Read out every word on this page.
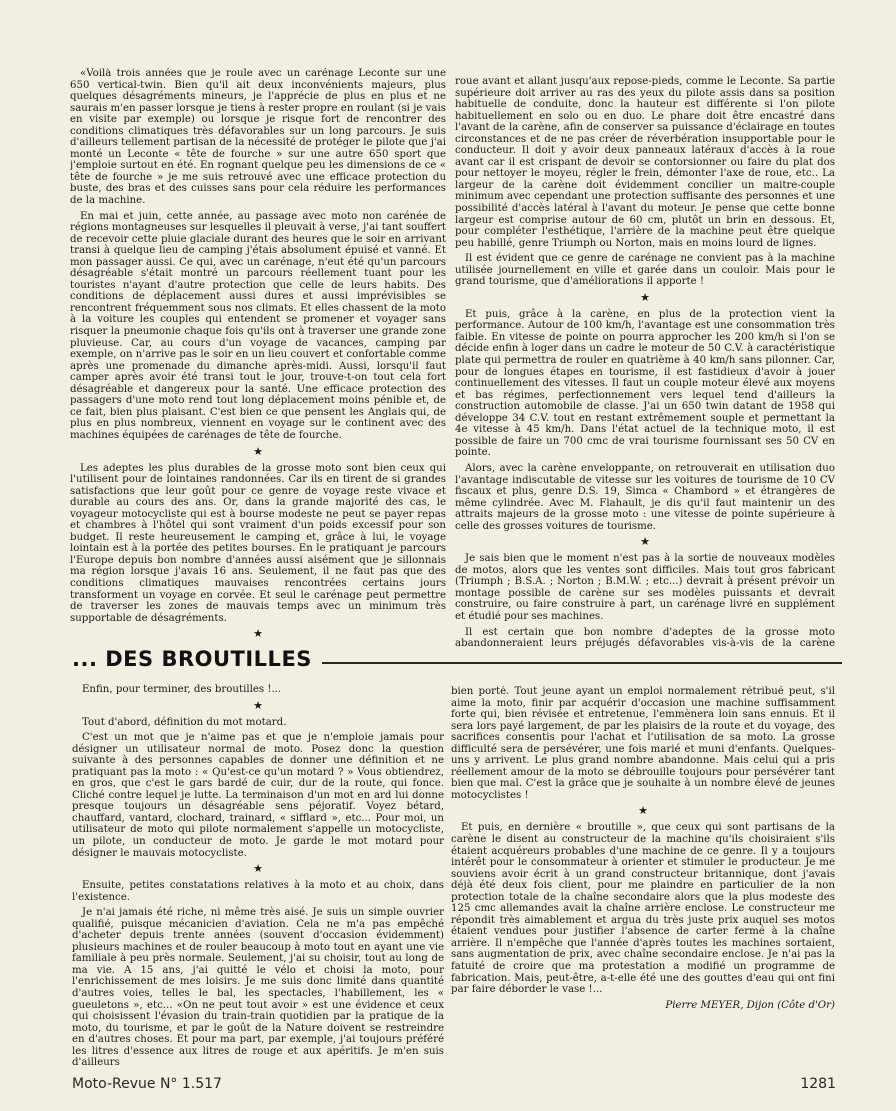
«Voilà trois années que je roule avec un carénage Leconte sur une 650 vertical-twin. Bien qu'il ait deux inconvénients majeurs, plus quelques désagréments mineurs, je l'apprécie de plus en plus et ne saurais m'en passer lorsque je tiens à rester propre en roulant (si je vais en visite par exemple) ou lorsque je risque fort de rencontrer des conditions climatiques très défavorables sur un long parcours. Je suis d'ailleurs tellement partisan de la nécessité de protéger le pilote que j'ai monté un Leconte « tête de fourche » sur une autre 650 sport que j'emploie surtout en été. En rognant quelque peu les dimensions de ce « tête de fourche » je me suis retrouvé avec une efficace protection du buste, des bras et des cuisses sans pour cela réduire les performances de la machine.

En mai et juin, cette année, au passage avec moto non carénée de régions montagneuses sur lesquelles il pleuvait à verse, j'ai tant souffert de recevoir cette pluie glaciale durant des heures que le soir en arrivant transi à quelque lieu de camping j'étais absolument épuisé et vanné. Et mon passager aussi. Ce qui, avec un carénage, n'eut été qu'un parcours désagréable s'était montré un parcours réellement tuant pour les touristes n'ayant d'autre protection que celle de leurs habits. Des conditions de déplacement aussi dures et aussi imprévisibles se rencontrent fréquemment sous nos climats. Et elles chassent de la moto à la voiture les couples qui entendent se promener et voyager sans risquer la pneumonie chaque fois qu'ils ont à traverser une grande zone pluvieuse. Car, au cours d'un voyage de vacances, camping par exemple, on n'arrive pas le soir en un lieu couvert et confortable comme après une promenade du dimanche après-midi. Aussi, lorsqu'il faut camper après avoir été transi tout le jour, trouve-t-on tout cela fort désagréable et dangereux pour la santé. Une efficace protection des passagers d'une moto rend tout long déplacement moins pénible et, de ce fait, bien plus plaisant. C'est bien ce que pensent les Anglais qui, de plus en plus nombreux, viennent en voyage sur le continent avec des machines équipées de carénages de tête de fourche.

★

Les adeptes les plus durables de la grosse moto sont bien ceux qui l'utilisent pour de lointaines randonnées. Car ils en tirent de si grandes satisfactions que leur goût pour ce genre de voyage reste vivace et durable au cours des ans. Or, dans la grande majorité des cas, le voyageur motocycliste qui est à bourse modeste ne peut se payer repas et chambres à l'hôtel qui sont vraiment d'un poids excessif pour son budget. Il reste heureusement le camping et, grâce à lui, le voyage lointain est à la portée des petites bourses. En le pratiquant je parcours l'Europe depuis bon nombre d'années aussi aisément que je sillonnais ma région lorsque j'avais 16 ans. Seulement, il ne faut pas que des conditions climatiques mauvaises rencontrées certains jours transforment un voyage en corvée. Et seul le carénage peut permettre de traverser les zones de mauvais temps avec un minimum très supportable de désagréments.

★

roue avant et allant jusqu'aux repose-pieds, comme le Leconte. Sa partie supérieure doit arriver au ras des yeux du pilote assis dans sa position habituelle de conduite, donc la hauteur est différente si l'on pilote habituellement en solo ou en duo. Le phare doit être encastré dans l'avant de la carène, afin de conserver sa puissance d'éclairage en toutes circonstances et de ne pas créer de réverbération insupportable pour le conducteur. Il doit y avoir deux panneaux latéraux d'accès à la roue avant car il est crispant de devoir se contorsionner ou faire du plat dos pour nettoyer le moyeu, régler le frein, démonter l'axe de roue, etc.. La largeur de la carène doit évidemment concilier un maitre-couple minimum avec cependant une protection suffisante des personnes et une possibilité d'accès latéral à l'avant du moteur. Je pense que cette bonne largeur est comprise autour de 60 cm, plutôt un brin en dessous. Et, pour compléter l'esthétique, l'arrière de la machine peut être quelque peu habillé, genre Triumph ou Norton, mais en moins lourd de lignes.

Il est évident que ce genre de carénage ne convient pas à la machine utilisée journellement en ville et garée dans un couloir. Mais pour le grand tourisme, que d'améliorations il apporte !

★

Et puis, grâce à la carène, en plus de la protection vient la performance. Autour de 100 km/h, l'avantage est une consommation très faible. En vitesse de pointe on pourra approcher les 200 km/h si l'on se décide enfin à loger dans un cadre le moteur de 50 C.V. à caractéristique plate qui permettra de rouler en quatrième à 40 km/h sans pilonner. Car, pour de longues étapes en tourisme, il est fastidieux d'avoir à jouer continuellement des vitesses. Il faut un couple moteur élevé aux moyens et bas régimes, perfectionnement vers lequel tend d'ailleurs la construction automobile de classe. J'ai un 650 twin datant de 1958 qui développe 34 C.V. tout en restant extrêmement souple et permettant la 4e vitesse à 45 km/h. Dans l'état actuel de la technique moto, il est possible de faire un 700 cmc de vrai tourisme fournissant ses 50 CV en pointe.

Alors, avec la carène enveloppante, on retrouverait en utilisation duo l'avantage indiscutable de vitesse sur les voitures de tourisme de 10 CV fiscaux et plus, genre D.S. 19, Simca « Chambord » et étrangères de même cylindrée. Avec M. Flahault, je dis qu'il faut maintenir un des attraits majeurs de la grosse moto : une vitesse de pointe supérieure à celle des grosses voitures de tourisme.

★

Je sais bien que le moment n'est pas à la sortie de nouveaux modèles de motos, alors que les ventes sont difficiles. Mais tout gros fabricant (Triumph ; B.S.A. ; Norton ; B.M.W. ; etc...) devrait à présent prévoir un montage possible de carène sur ses modèles puissants et devrait construire, ou faire construire à part, un carénage livré en supplément et étudié pour ses machines.

Il est certain que bon nombre d'adeptes de la grosse moto abandonneraient leurs préjugés défavorables vis-à-vis de la carène

... DES BROUTILLES

Enfin, pour terminer, des broutilles !...

★

Tout d'abord, définition du mot motard.

C'est un mot que je n'aime pas et que je n'emploie jamais pour désigner un utilisateur normal de moto. Posez donc la question suivante à des personnes capables de donner une définition et ne pratiquant pas la moto : « Qu'est-ce qu'un motard ? » Vous obtiendrez, en gros, que c'est le gars bardé de cuir, dur de la route, qui fonce. Cliché contre lequel je lutte. La terminaison d'un mot en ard lui donne presque toujours un désagréable sens péjoratif. Voyez bétard, chauffard, vantard, clochard, trainard, « sifflard », etc... Pour moi, un utilisateur de moto qui pilote normalement s'appelle un motocycliste, un pilote, un conducteur de moto. Je garde le mot motard pour désigner le mauvais motocycliste.

★

Ensuite, petites constatations relatives à la moto et au choix, dans l'existence.

Je n'ai jamais été riche, ni même très aisé. Je suis un simple ouvrier qualifié, puisque mécanicien d'aviation. Cela ne m'a pas empêché d'acheter depuis trente années (souvent d'occasion évidemment) plusieurs machines et de rouler beaucoup à moto tout en ayant une vie familiale à peu près normale. Seulement, j'ai su choisir, tout au long de ma vie. A 15 ans, j'ai quitté le vélo et choisi la moto, pour l'enrichissement de mes loisirs. Je me suis donc limité dans quantité d'autres voies, telles le bal, les spectacles, l'habillement, les « gueuletons », etc... «On ne peut tout avoir » est une évidence et ceux qui choisissent l'évasion du train-train quotidien par la pratique de la moto, du tourisme, et par le goût de la Nature doivent se restreindre en d'autres choses. Et pour ma part, par exemple, j'ai toujours préféré les litres d'essence aux litres de rouge et aux apéritifs. Je m'en suis d'ailleurs

bien porté. Tout jeune ayant un emploi normalement rétribué peut, s'il aime la moto, finir par acquérir d'occasion une machine suffisamment forte qui, bien révisée et entretenue, l'emmènera loin sans ennuis. Et il sera lors payé largement, de par les plaisirs de la route et du voyage, des sacrifices consentis pour l'achat et l'utilisation de sa moto. La grosse difficulté sera de persévérer, une fois marié et muni d'enfants. Quelques-uns y arrivent. Le plus grand nombre abandonne. Mais celui qui a pris réellement amour de la moto se débrouille toujours pour persévérer tant bien que mal. C'est la grâce que je souhaite à un nombre élevé de jeunes motocyclistes !

★

Et puis, en dernière « broutille », que ceux qui sont partisans de la carène le disent au constructeur de la machine qu'ils choisiraient s'ils étaient acquéreurs probables d'une machine de ce genre. Il y a toujours intérêt pour le consommateur à orienter et stimuler le producteur. Je me souviens avoir écrit à un grand constructeur britannique, dont j'avais déjà été deux fois client, pour me plaindre en particulier de la non protection totale de la chaîne secondaire alors que la plus modeste des 125 cmc allemandes avait la chaîne arrière enclose. Le constructeur me répondit très aimablement et argua du très juste prix auquel ses motos étaient vendues pour justifier l'absence de carter fermé à la chaîne arrière. Il n'empêche que l'année d'après toutes les machines sortaient, sans augmentation de prix, avec chaîne secondaire enclose. Je n'ai pas la fatuité de croire que ma protestation a modifié un programme de fabrication. Mais, peut-être, a-t-elle été une des gouttes d'eau qui ont fini par faire déborder le vase !...

Pierre MEYER, Dijon (Côte d'Or)

Moto-Revue N° 1.517	1281
